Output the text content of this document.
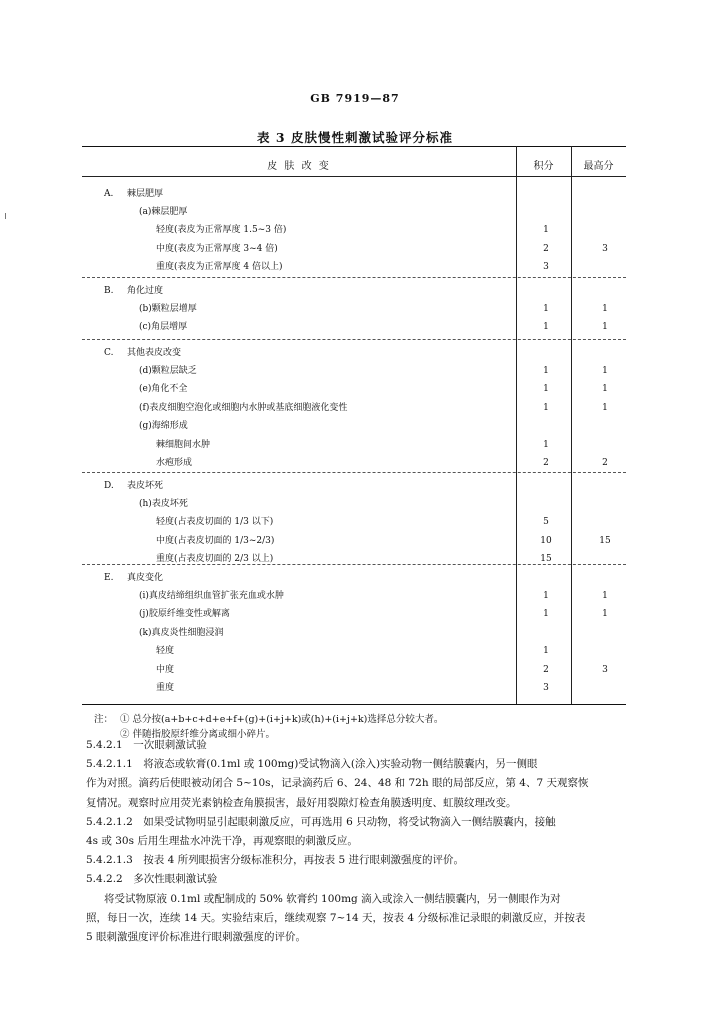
GB 7919—87
表 3 皮肤慢性刺激试验评分标准
皮 肤 改 变	积分	最高分
A. 棘层肥厚
(a)棘层肥厚
轻度(表皮为正常厚度 1.5~3 倍)	1
中度(表皮为正常厚度 3~4 倍)	2	3
重度(表皮为正常厚度 4 倍以上)	3
B. 角化过度
(b)颗粒层增厚	1	1
(c)角层增厚	1	1
C. 其他表皮改变
(d)颗粒层缺乏	1	1
(e)角化不全	1	1
(f)表皮细胞空泡化或细胞内水肿或基底细胞液化变性	1	1
(g)海绵形成
棘细胞间水肿	1
水疱形成	2	2
D. 表皮坏死
(h)表皮坏死
轻度(占表皮切面的 1/3 以下)	5
中度(占表皮切面的 1/3~2/3)	10	15
重度(占表皮切面的 2/3 以上)	15
E. 真皮变化
(i)真皮结缔组织血管扩张充血或水肿	1	1
(j)胶原纤维变性或解离	1	1
(k)真皮炎性细胞浸润
轻度	1
中度	2	3
重度	3
注： ① 总分按(a+b+c+d+e+f+(g)+(i+j+k)或(h)+(i+j+k)选择总分较大者。
② 伴随指胶原纤维分离或细小碎片。
5.4.2.1　一次眼刺激试验
5.4.2.1.1　将液态或软膏(0.1ml 或 100mg)受试物滴入(涂入)实验动物一侧结膜囊内，另一侧眼
作为对照。滴药后使眼被动闭合 5~10s，记录滴药后 6、24、48 和 72h 眼的局部反应，第 4、7 天观察恢
复情况。观察时应用荧光素钠检查角膜损害，最好用裂隙灯检查角膜透明度、虹膜纹理改变。
5.4.2.1.2　如果受试物明显引起眼刺激反应，可再选用 6 只动物，将受试物滴入一侧结膜囊内，接触
4s 或 30s 后用生理盐水冲洗干净，再观察眼的刺激反应。
5.4.2.1.3　按表 4 所列眼损害分级标准积分，再按表 5 进行眼刺激强度的评价。
5.4.2.2　多次性眼刺激试验
将受试物原液 0.1ml 或配制成的 50% 软膏约 100mg 滴入或涂入一侧结膜囊内，另一侧眼作为对
照，每日一次，连续 14 天。实验结束后，继续观察 7~14 天，按表 4 分级标准记录眼的刺激反应，并按表
5 眼刺激强度评价标准进行眼刺激强度的评价。
